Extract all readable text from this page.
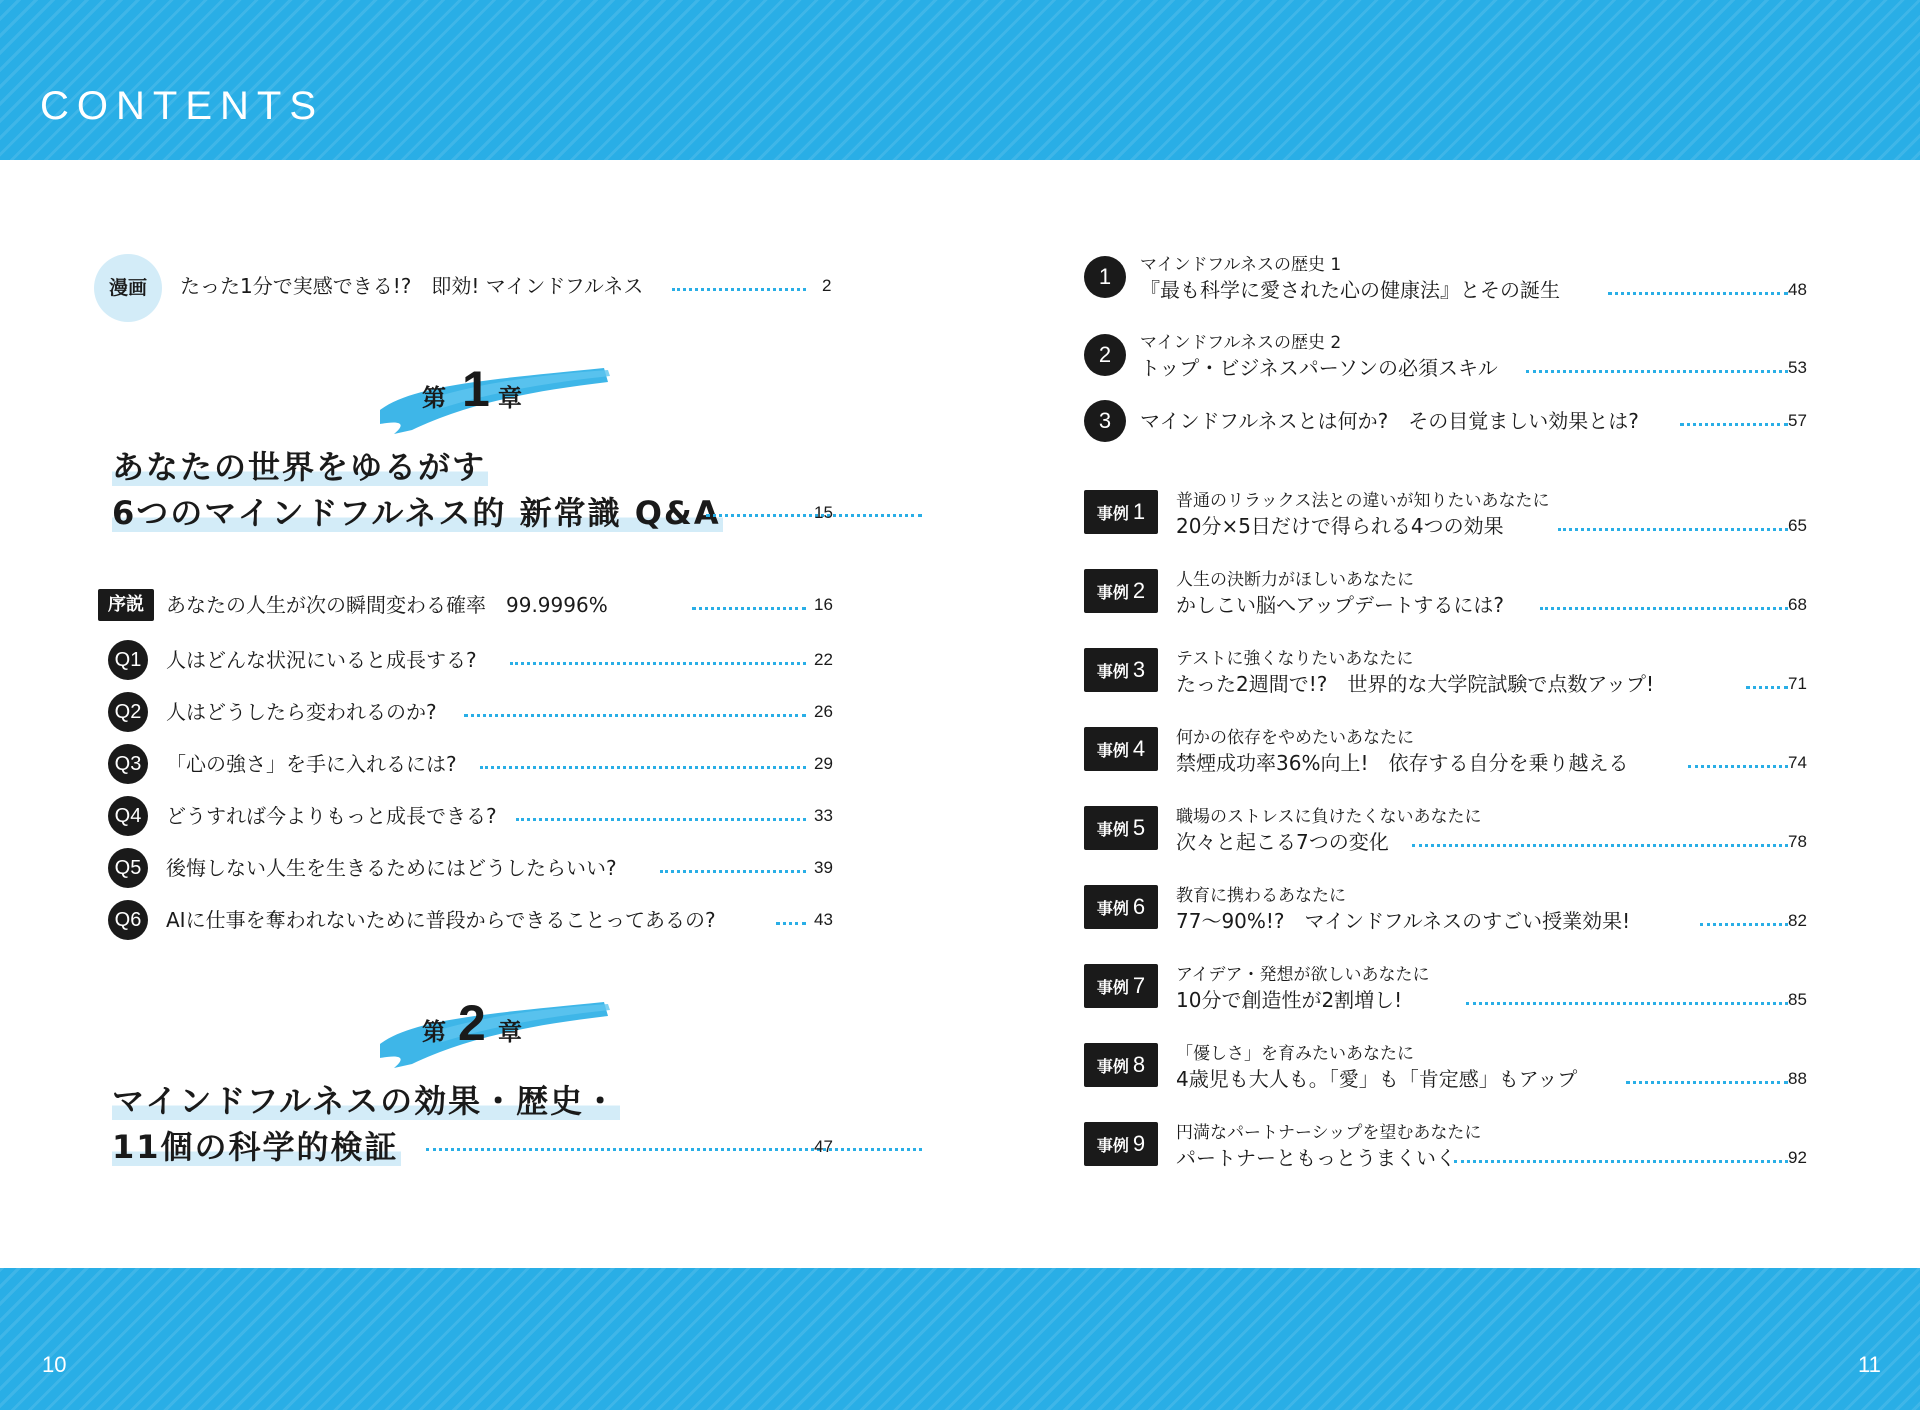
CONTENTS
10	11
漫画	たった1分で実感できる!?　即効! マインドフルネス	2
第 1 章
あなたの世界をゆるがす
6つのマインドフルネス的 新常識 Q&A	15
序説	あなたの人生が次の瞬間変わる確率　99.9996%	16
Q1	人はどんな状況にいると成長する?	22
Q2	人はどうしたら変われるのか?	26
Q3	「心の強さ」を手に入れるには?	29
Q4	どうすれば今よりもっと成長できる?	33
Q5	後悔しない人生を生きるためにはどうしたらいい?	39
Q6	AIに仕事を奪われないために普段からできることってあるの?	43
第 2 章
マインドフルネスの効果・歴史・
11個の科学的検証	47
1	マインドフルネスの歴史 1
『最も科学に愛された心の健康法』とその誕生	48
2	マインドフルネスの歴史 2
トップ・ビジネスパーソンの必須スキル	53
3	マインドフルネスとは何か?　その目覚ましい効果とは?	57
事例 1	普通のリラックス法との違いが知りたいあなたに
20分×5日だけで得られる4つの効果	65
事例 2	人生の決断力がほしいあなたに
かしこい脳へアップデートするには?	68
事例 3	テストに強くなりたいあなたに
たった2週間で!?　世界的な大学院試験で点数アップ!	71
事例 4	何かの依存をやめたいあなたに
禁煙成功率36%向上!　依存する自分を乗り越える	74
事例 5	職場のストレスに負けたくないあなたに
次々と起こる7つの変化	78
事例 6	教育に携わるあなたに
77〜90%!?　マインドフルネスのすごい授業効果!	82
事例 7	アイデア・発想が欲しいあなたに
10分で創造性が2割増し!	85
事例 8	「優しさ」を育みたいあなたに
4歳児も大人も。「愛」も「肯定感」もアップ	88
事例 9	円満なパートナーシップを望むあなたに
パートナーともっとうまくいく	92
